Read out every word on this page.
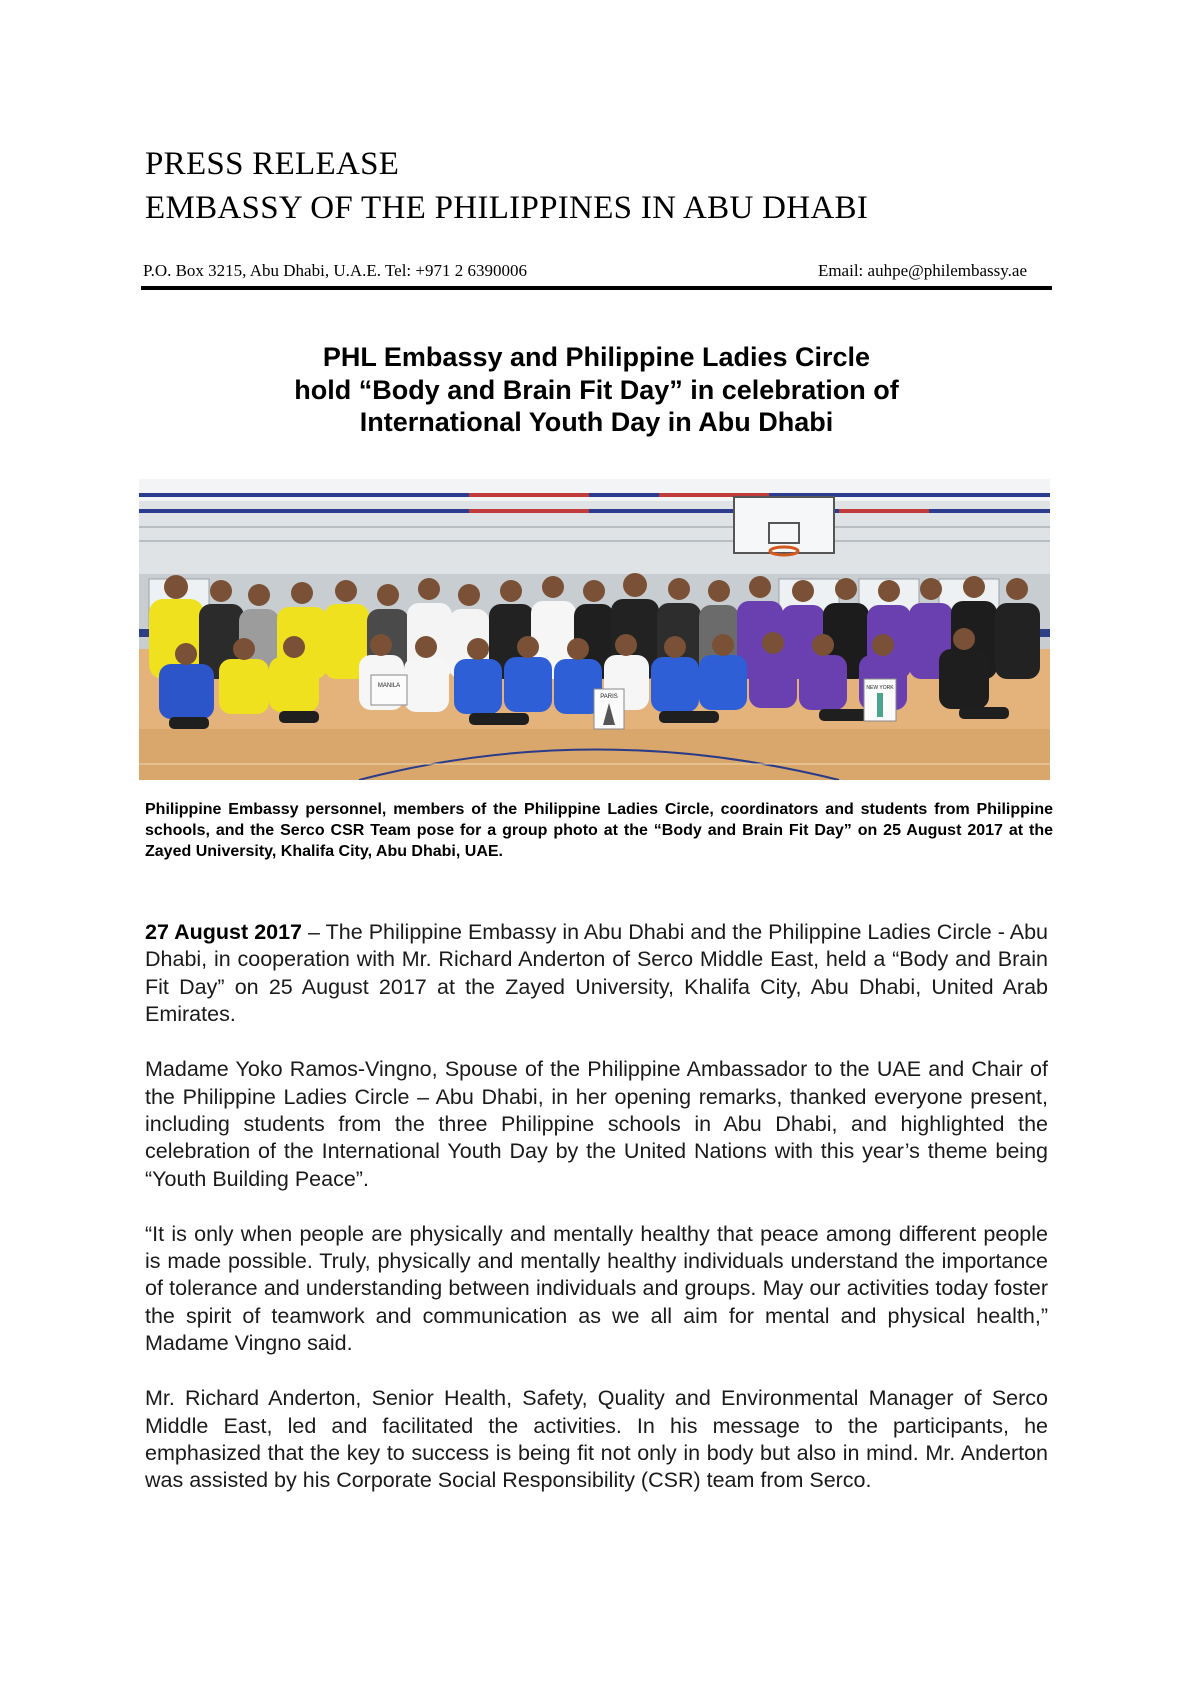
PRESS RELEASE
EMBASSY OF THE PHILIPPINES IN ABU DHABI
P.O. Box 3215, Abu Dhabi, U.A.E. Tel: +971 2 6390006	Email: auhpe@philembassy.ae
PHL Embassy and Philippine Ladies Circle
hold “Body and Brain Fit Day” in celebration of
International Youth Day in Abu Dhabi
MANILA
PARIS
NEW YORK

Philippine Embassy personnel, members of the Philippine Ladies Circle, coordinators and students from Philippine schools, and the Serco CSR Team pose for a group photo at the “Body and Brain Fit Day” on 25 August 2017 at the Zayed University, Khalifa City, Abu Dhabi, UAE.

27 August 2017 – The Philippine Embassy in Abu Dhabi and the Philippine Ladies Circle - Abu Dhabi, in cooperation with Mr. Richard Anderton of Serco Middle East, held a “Body and Brain Fit Day” on 25 August 2017 at the Zayed University, Khalifa City, Abu Dhabi, United Arab Emirates.

Madame Yoko Ramos-Vingno, Spouse of the Philippine Ambassador to the UAE and Chair of the Philippine Ladies Circle – Abu Dhabi, in her opening remarks, thanked everyone present, including students from the three Philippine schools in Abu Dhabi, and highlighted the celebration of the International Youth Day by the United Nations with this year’s theme being “Youth Building Peace”.

“It is only when people are physically and mentally healthy that peace among different people is made possible. Truly, physically and mentally healthy individuals understand the importance of tolerance and understanding between individuals and groups. May our activities today foster the spirit of teamwork and communication as we all aim for mental and physical health,” Madame Vingno said.

Mr. Richard Anderton, Senior Health, Safety, Quality and Environmental Manager of Serco Middle East, led and facilitated the activities. In his message to the participants, he emphasized that the key to success is being fit not only in body but also in mind. Mr. Anderton was assisted by his Corporate Social Responsibility (CSR) team from Serco.
